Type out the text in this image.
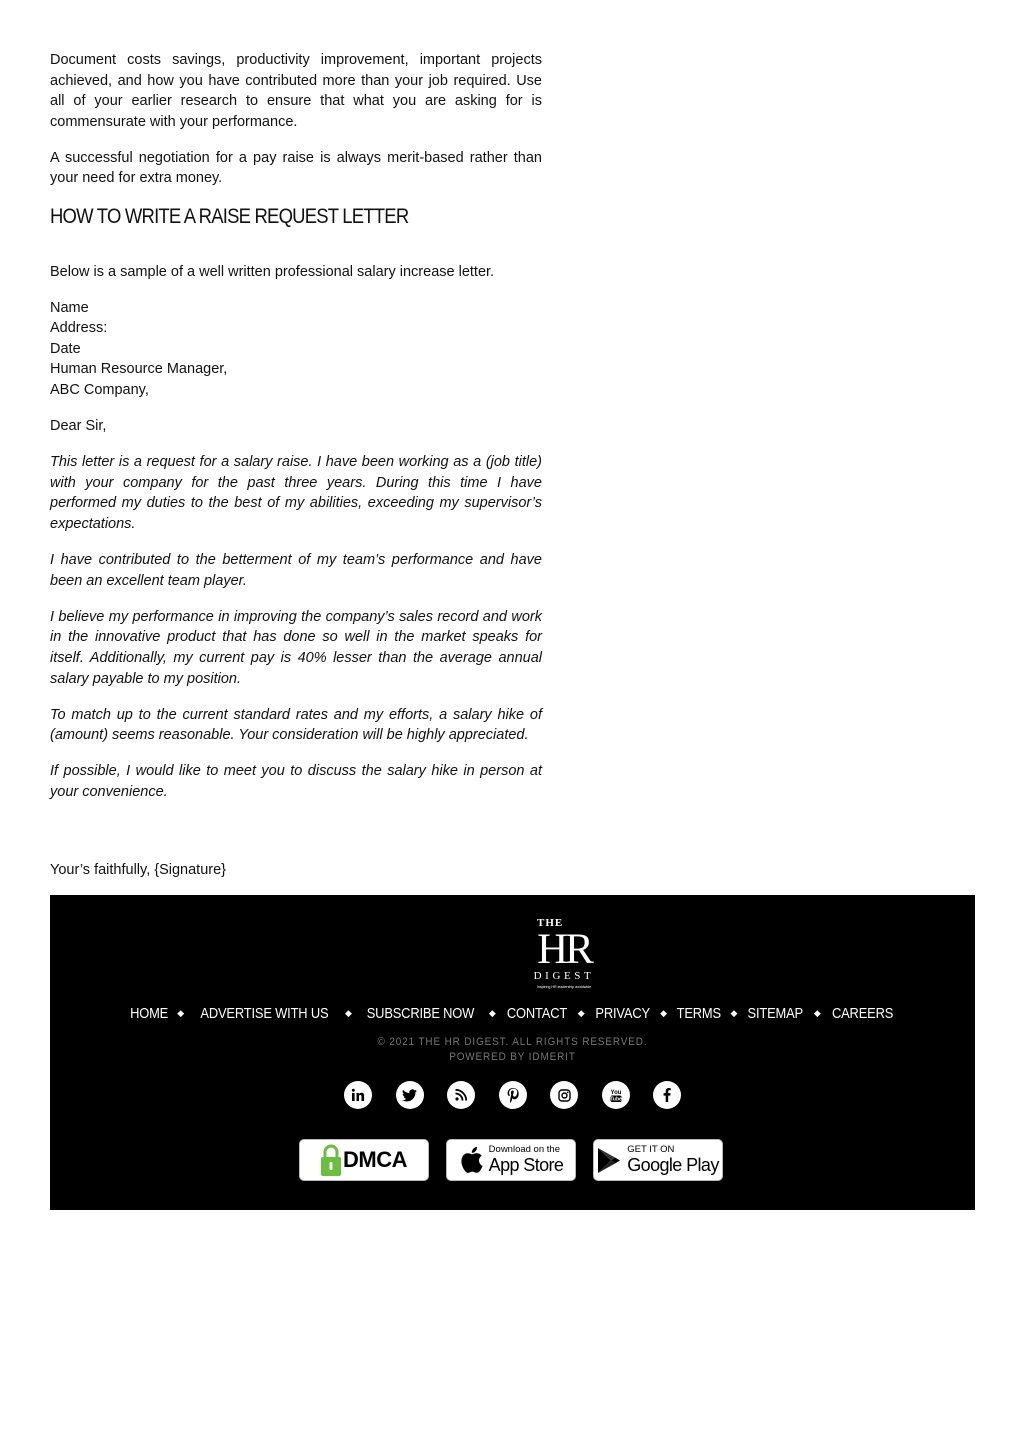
Document costs savings, productivity improvement, important projects achieved, and how you have contributed more than your job required. Use all of your earlier research to ensure that what you are asking for is commensurate with your performance.

A successful negotiation for a pay raise is always merit-based rather than your need for extra money.

HOW TO WRITE A RAISE REQUEST LETTER

Below is a sample of a well written professional salary increase letter.

Name
Address:
Date
Human Resource Manager,
ABC Company,

Dear Sir,

This letter is a request for a salary raise. I have been working as a (job title) with your company for the past three years. During this time I have performed my duties to the best of my abilities, exceeding my supervisor’s expectations.

I have contributed to the betterment of my team’s performance and have been an excellent team player.

I believe my performance in improving the company’s sales record and work in the innovative product that has done so well in the market speaks for itself. Additionally, my current pay is 40% lesser than the average annual salary payable to my position.

To match up to the current standard rates and my efforts, a salary hike of (amount) seems reasonable. Your consideration will be highly appreciated.

If possible, I would like to meet you to discuss the salary hike in person at your convenience.

Your’s faithfully, {Signature}
THE
HR
DIGEST
Inspiring HR leadership worldwide
HOME ◆ ADVERTISE WITH US ◆ SUBSCRIBE NOW ◆ CONTACT ◆ PRIVACY ◆ TERMS ◆ SITEMAP ◆ CAREERS
© 2021 THE HR DIGEST. ALL RIGHTS RESERVED.
POWERED BY IDMERIT
You
Tube
DMCA	Download on the
App Store
GET IT ON
Google Play
